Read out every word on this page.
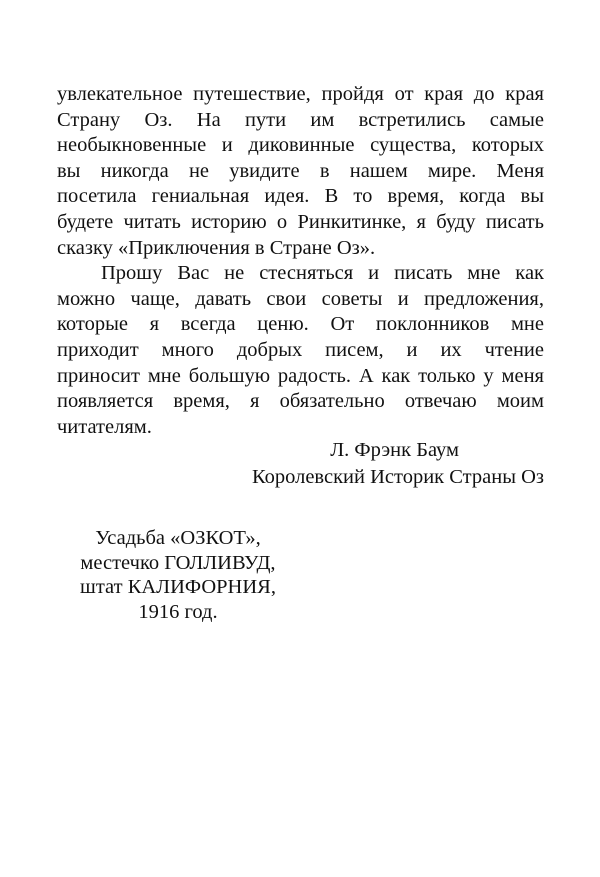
увлекательное путешествие, пройдя от края до края
Страну Оз. На пути им встретились самые
необыкновенные и диковинные существа, которых
вы никогда не увидите в нашем мире. Меня
посетила гениальная идея. В то время, когда вы
будете читать историю о Ринкитинке, я буду писать
сказку «Приключения в Стране Оз».

Прошу Вас не стесняться и писать мне как
можно чаще, давать свои советы и предложения,
которые я всегда ценю. От поклонников мне
приходит много добрых писем, и их чтение
приносит мне большую радость. А как только у меня
появляется время, я обязательно отвечаю моим
читателям.

Л. Фрэнк Баум
Королевский Историк Страны Оз
Усадьба «ОЗКОТ»,
местечко ГОЛЛИВУД,
штат КАЛИФОРНИЯ,
1916 год.
